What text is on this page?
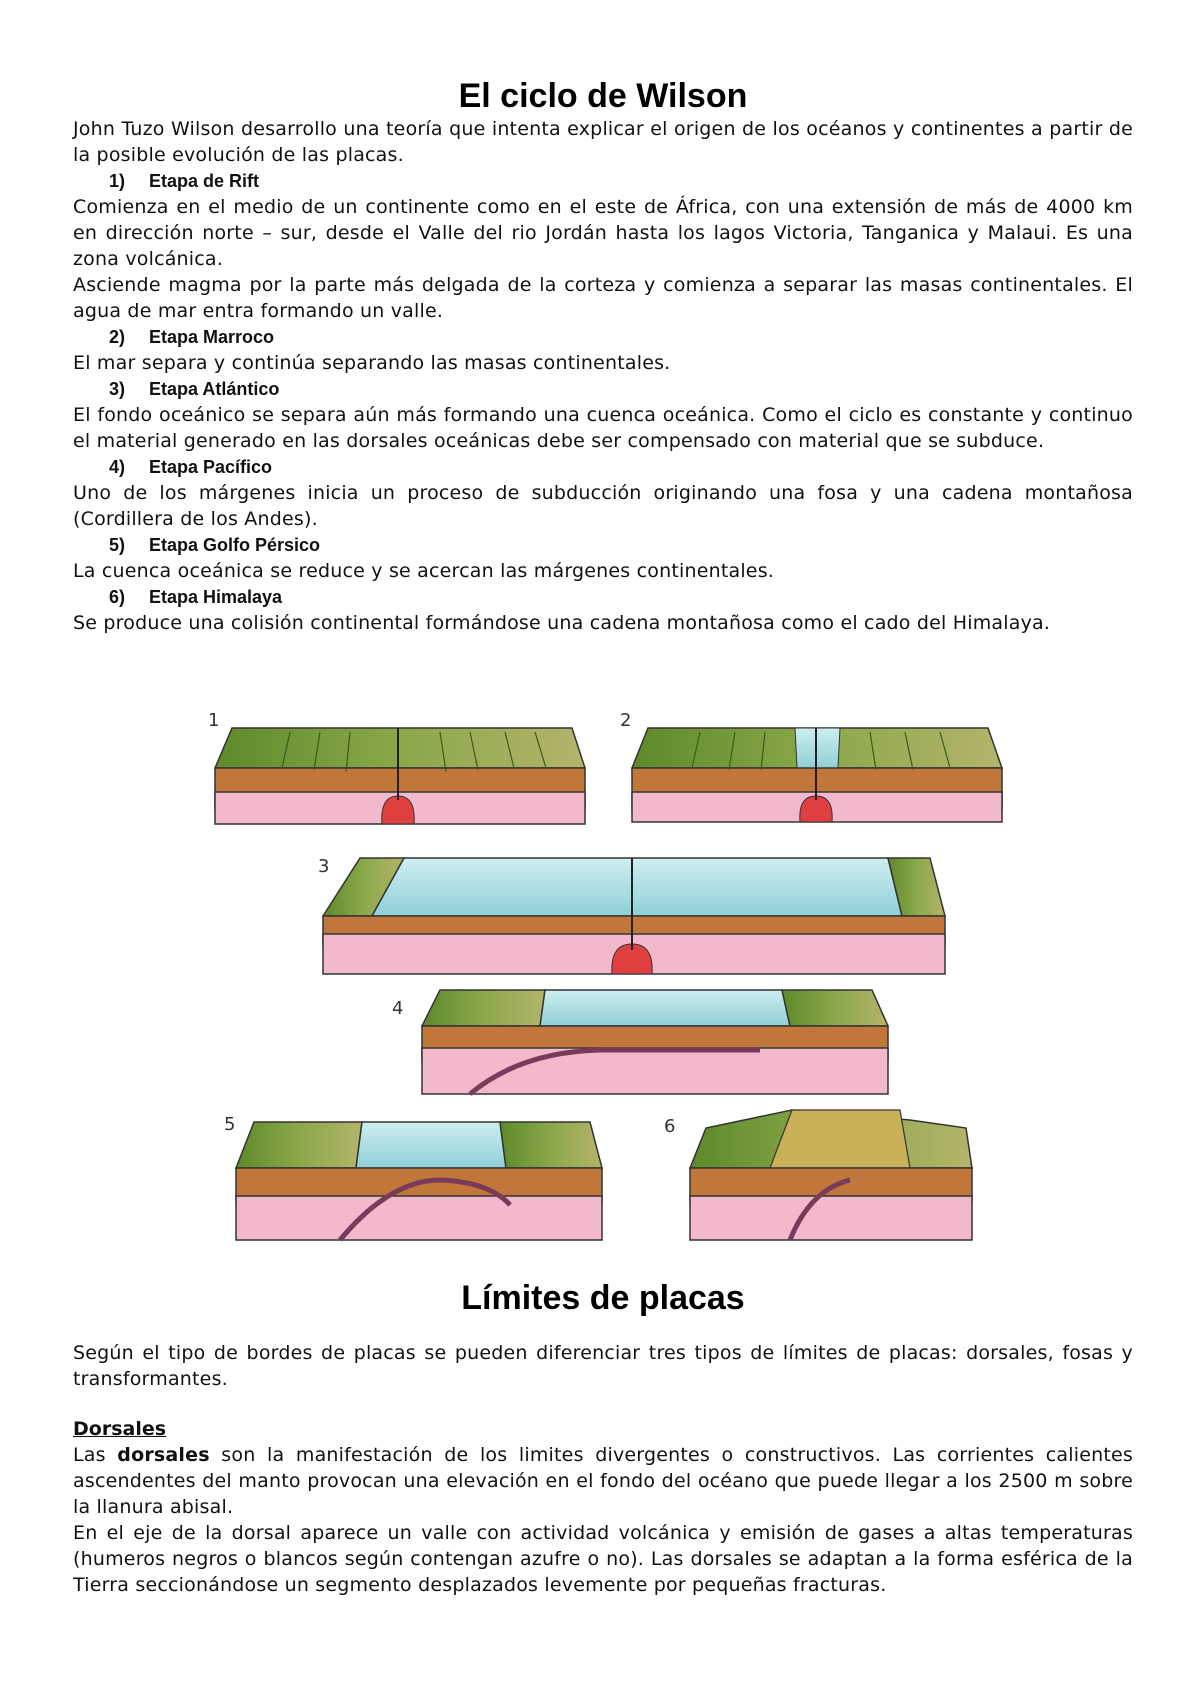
El ciclo de Wilson

John Tuzo Wilson desarrollo una teoría que intenta explicar el origen de los océanos y continentes a partir de la posible evolución de las placas.

1) Etapa de Rift

Comienza en el medio de un continente como en el este de África, con una extensión de más de 4000 km en dirección norte – sur, desde el Valle del rio Jordán hasta los lagos Victoria, Tanganica y Malaui. Es una zona volcánica.

Asciende magma por la parte más delgada de la corteza y comienza a separar las masas continentales. El agua de mar entra formando un valle.

2) Etapa Marroco

El mar separa y continúa separando las masas continentales.

3) Etapa Atlántico

El fondo oceánico se separa aún más formando una cuenca oceánica. Como el ciclo es constante y continuo el material generado en las dorsales oceánicas debe ser compensado con material que se subduce.

4) Etapa Pacífico

Uno de los márgenes inicia un proceso de subducción originando una fosa y una cadena montañosa (Cordillera de los Andes).

5) Etapa Golfo Pérsico

La cuenca oceánica se reduce y se acercan las márgenes continentales.

6) Etapa Himalaya

Se produce una colisión continental formándose una cadena montañosa como el cado del Himalaya.

1	2
3
4
5	6
Límites de placas

Según el tipo de bordes de placas se pueden diferenciar tres tipos de límites de placas: dorsales, fosas y transformantes.

Dorsales

Las dorsales son la manifestación de los limites divergentes o constructivos. Las corrientes calientes ascendentes del manto provocan una elevación en el fondo del océano que puede llegar a los 2500 m sobre la llanura abisal.

En el eje de la dorsal aparece un valle con actividad volcánica y emisión de gases a altas temperaturas (humeros negros o blancos según contengan azufre o no). Las dorsales se adaptan a la forma esférica de la Tierra seccionándose un segmento desplazados levemente por pequeñas fracturas.
